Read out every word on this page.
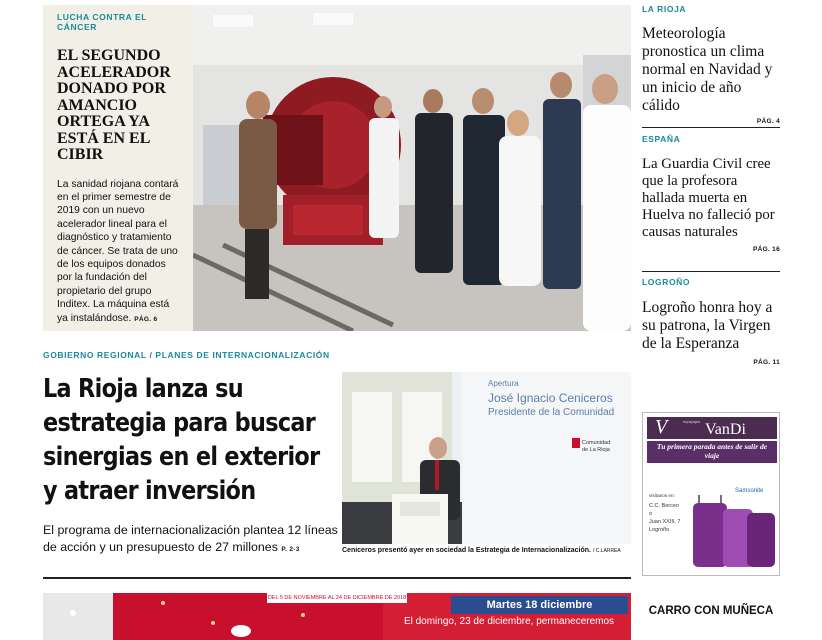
LUCHA CONTRA EL CÁNCER
EL SEGUNDO ACELERADOR DONADO POR AMANCIO ORTEGA YA ESTÁ EN EL CIBIR

La sanidad riojana contará en el primer semestre de 2019 con un nuevo acelerador lineal para el diagnóstico y tratamiento de cáncer. Se trata de uno de los equipos donados por la fundación del propietario del grupo Inditex. La máquina está ya instalándose. PÁG. 6

LA RIOJA
Meteorología pronostica un clima normal en Navidad y un inicio de año cálido
PÁG. 4
ESPAÑA
La Guardia Civil cree que la profesora hallada muerta en Huelva no falleció por causas naturales
PÁG. 16
LOGROÑO
Logroño honra hoy a su patrona, la Virgen de la Esperanza
PÁG. 11
GOBIERNO REGIONAL / PLANES DE INTERNACIONALIZACIÓN
La Rioja lanza su
estrategia para buscar
sinergias en el exterior
y atraer inversión

El programa de internacionalización plantea 12 líneas de acción y un presupuesto de 27 millones P. 2-3

Apertura
José Ignacio Ceniceros
Presidente de la Comunidad
Comunidad
de La Rioja
Ceniceros presentó ayer en sociedad la Estrategia de Internacionalización. / C.LARREA
equipajes VanDi
V
Tu primera parada antes de salir de viaje
Samsonite
visítanos en:
C.C. Berceo
o
Juan XXIII, 7
Logroño
DEL 5 DE NOVIEMBRE AL 24 DE DICIEMBRE DE 2018
Martes 18 diciembre
El domingo, 23 de diciembre, permaneceremos
CARRO CON MUÑECA
